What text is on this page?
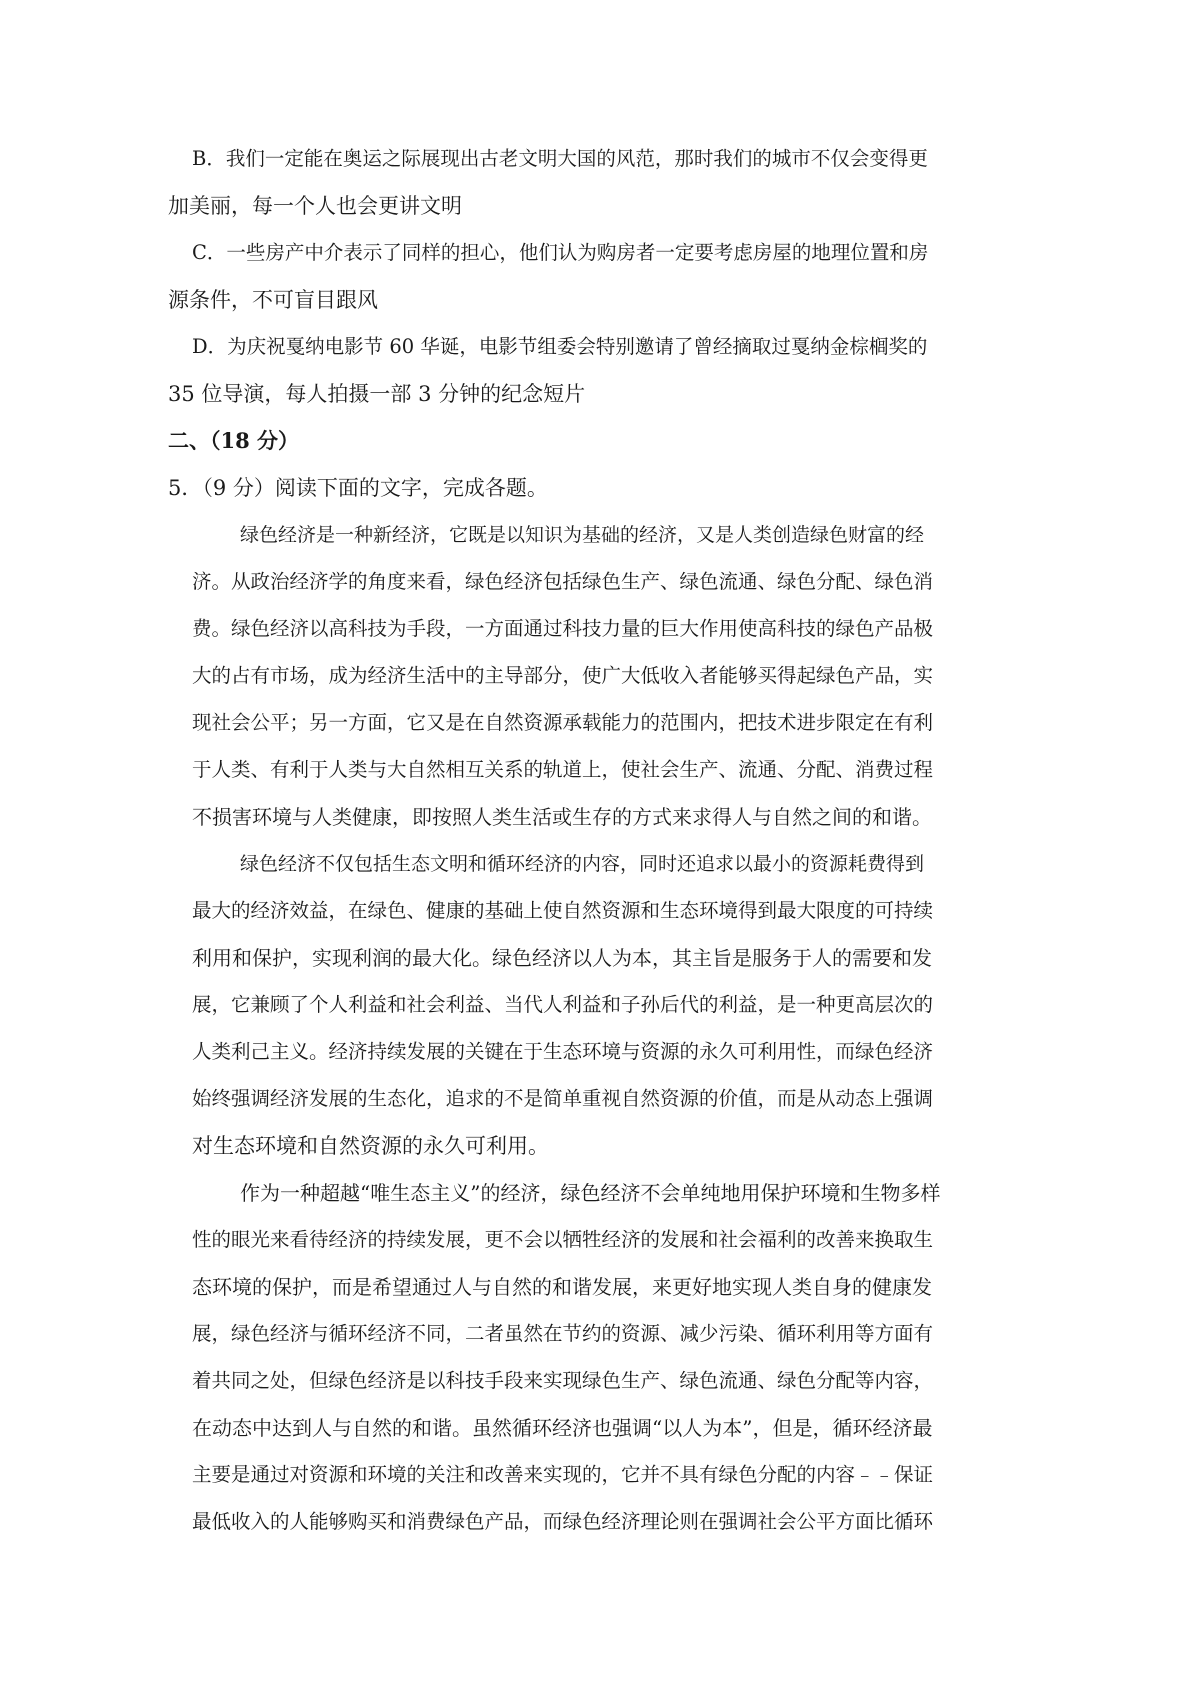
B．我们一定能在奥运之际展现出古老文明大国的风范，那时我们的城市不仅会变得更
加美丽，每一个人也会更讲文明
C．一些房产中介表示了同样的担心，他们认为购房者一定要考虑房屋的地理位置和房
源条件，不可盲目跟风
D．为庆祝戛纳电影节 60 华诞，电影节组委会特别邀请了曾经摘取过戛纳金棕榈奖的
35 位导演，每人拍摄一部 3 分钟的纪念短片
二、（18 分）
5．（9 分）阅读下面的文字，完成各题。
绿色经济是一种新经济，它既是以知识为基础的经济，又是人类创造绿色财富的经
济。从政治经济学的角度来看，绿色经济包括绿色生产、绿色流通、绿色分配、绿色消
费。绿色经济以高科技为手段，一方面通过科技力量的巨大作用使高科技的绿色产品极
大的占有市场，成为经济生活中的主导部分，使广大低收入者能够买得起绿色产品，实
现社会公平；另一方面，它又是在自然资源承载能力的范围内，把技术进步限定在有利
于人类、有利于人类与大自然相互关系的轨道上，使社会生产、流通、分配、消费过程
不损害环境与人类健康，即按照人类生活或生存的方式来求得人与自然之间的和谐。
绿色经济不仅包括生态文明和循环经济的内容，同时还追求以最小的资源耗费得到
最大的经济效益，在绿色、健康的基础上使自然资源和生态环境得到最大限度的可持续
利用和保护，实现利润的最大化。绿色经济以人为本，其主旨是服务于人的需要和发
展，它兼顾了个人利益和社会利益、当代人利益和子孙后代的利益，是一种更高层次的
人类利己主义。经济持续发展的关键在于生态环境与资源的永久可利用性，而绿色经济
始终强调经济发展的生态化，追求的不是简单重视自然资源的价值，而是从动态上强调
对生态环境和自然资源的永久可利用。
作为一种超越“唯生态主义”的经济，绿色经济不会单纯地用保护环境和生物多样
性的眼光来看待经济的持续发展，更不会以牺牲经济的发展和社会福利的改善来换取生
态环境的保护，而是希望通过人与自然的和谐发展，来更好地实现人类自身的健康发
展，绿色经济与循环经济不同，二者虽然在节约的资源、减少污染、循环利用等方面有
着共同之处，但绿色经济是以科技手段来实现绿色生产、绿色流通、绿色分配等内容，
在动态中达到人与自然的和谐。虽然循环经济也强调“以人为本”，但是，循环经济最
主要是通过对资源和环境的关注和改善来实现的，它并不具有绿色分配的内容﹣﹣保证
最低收入的人能够购买和消费绿色产品，而绿色经济理论则在强调社会公平方面比循环
